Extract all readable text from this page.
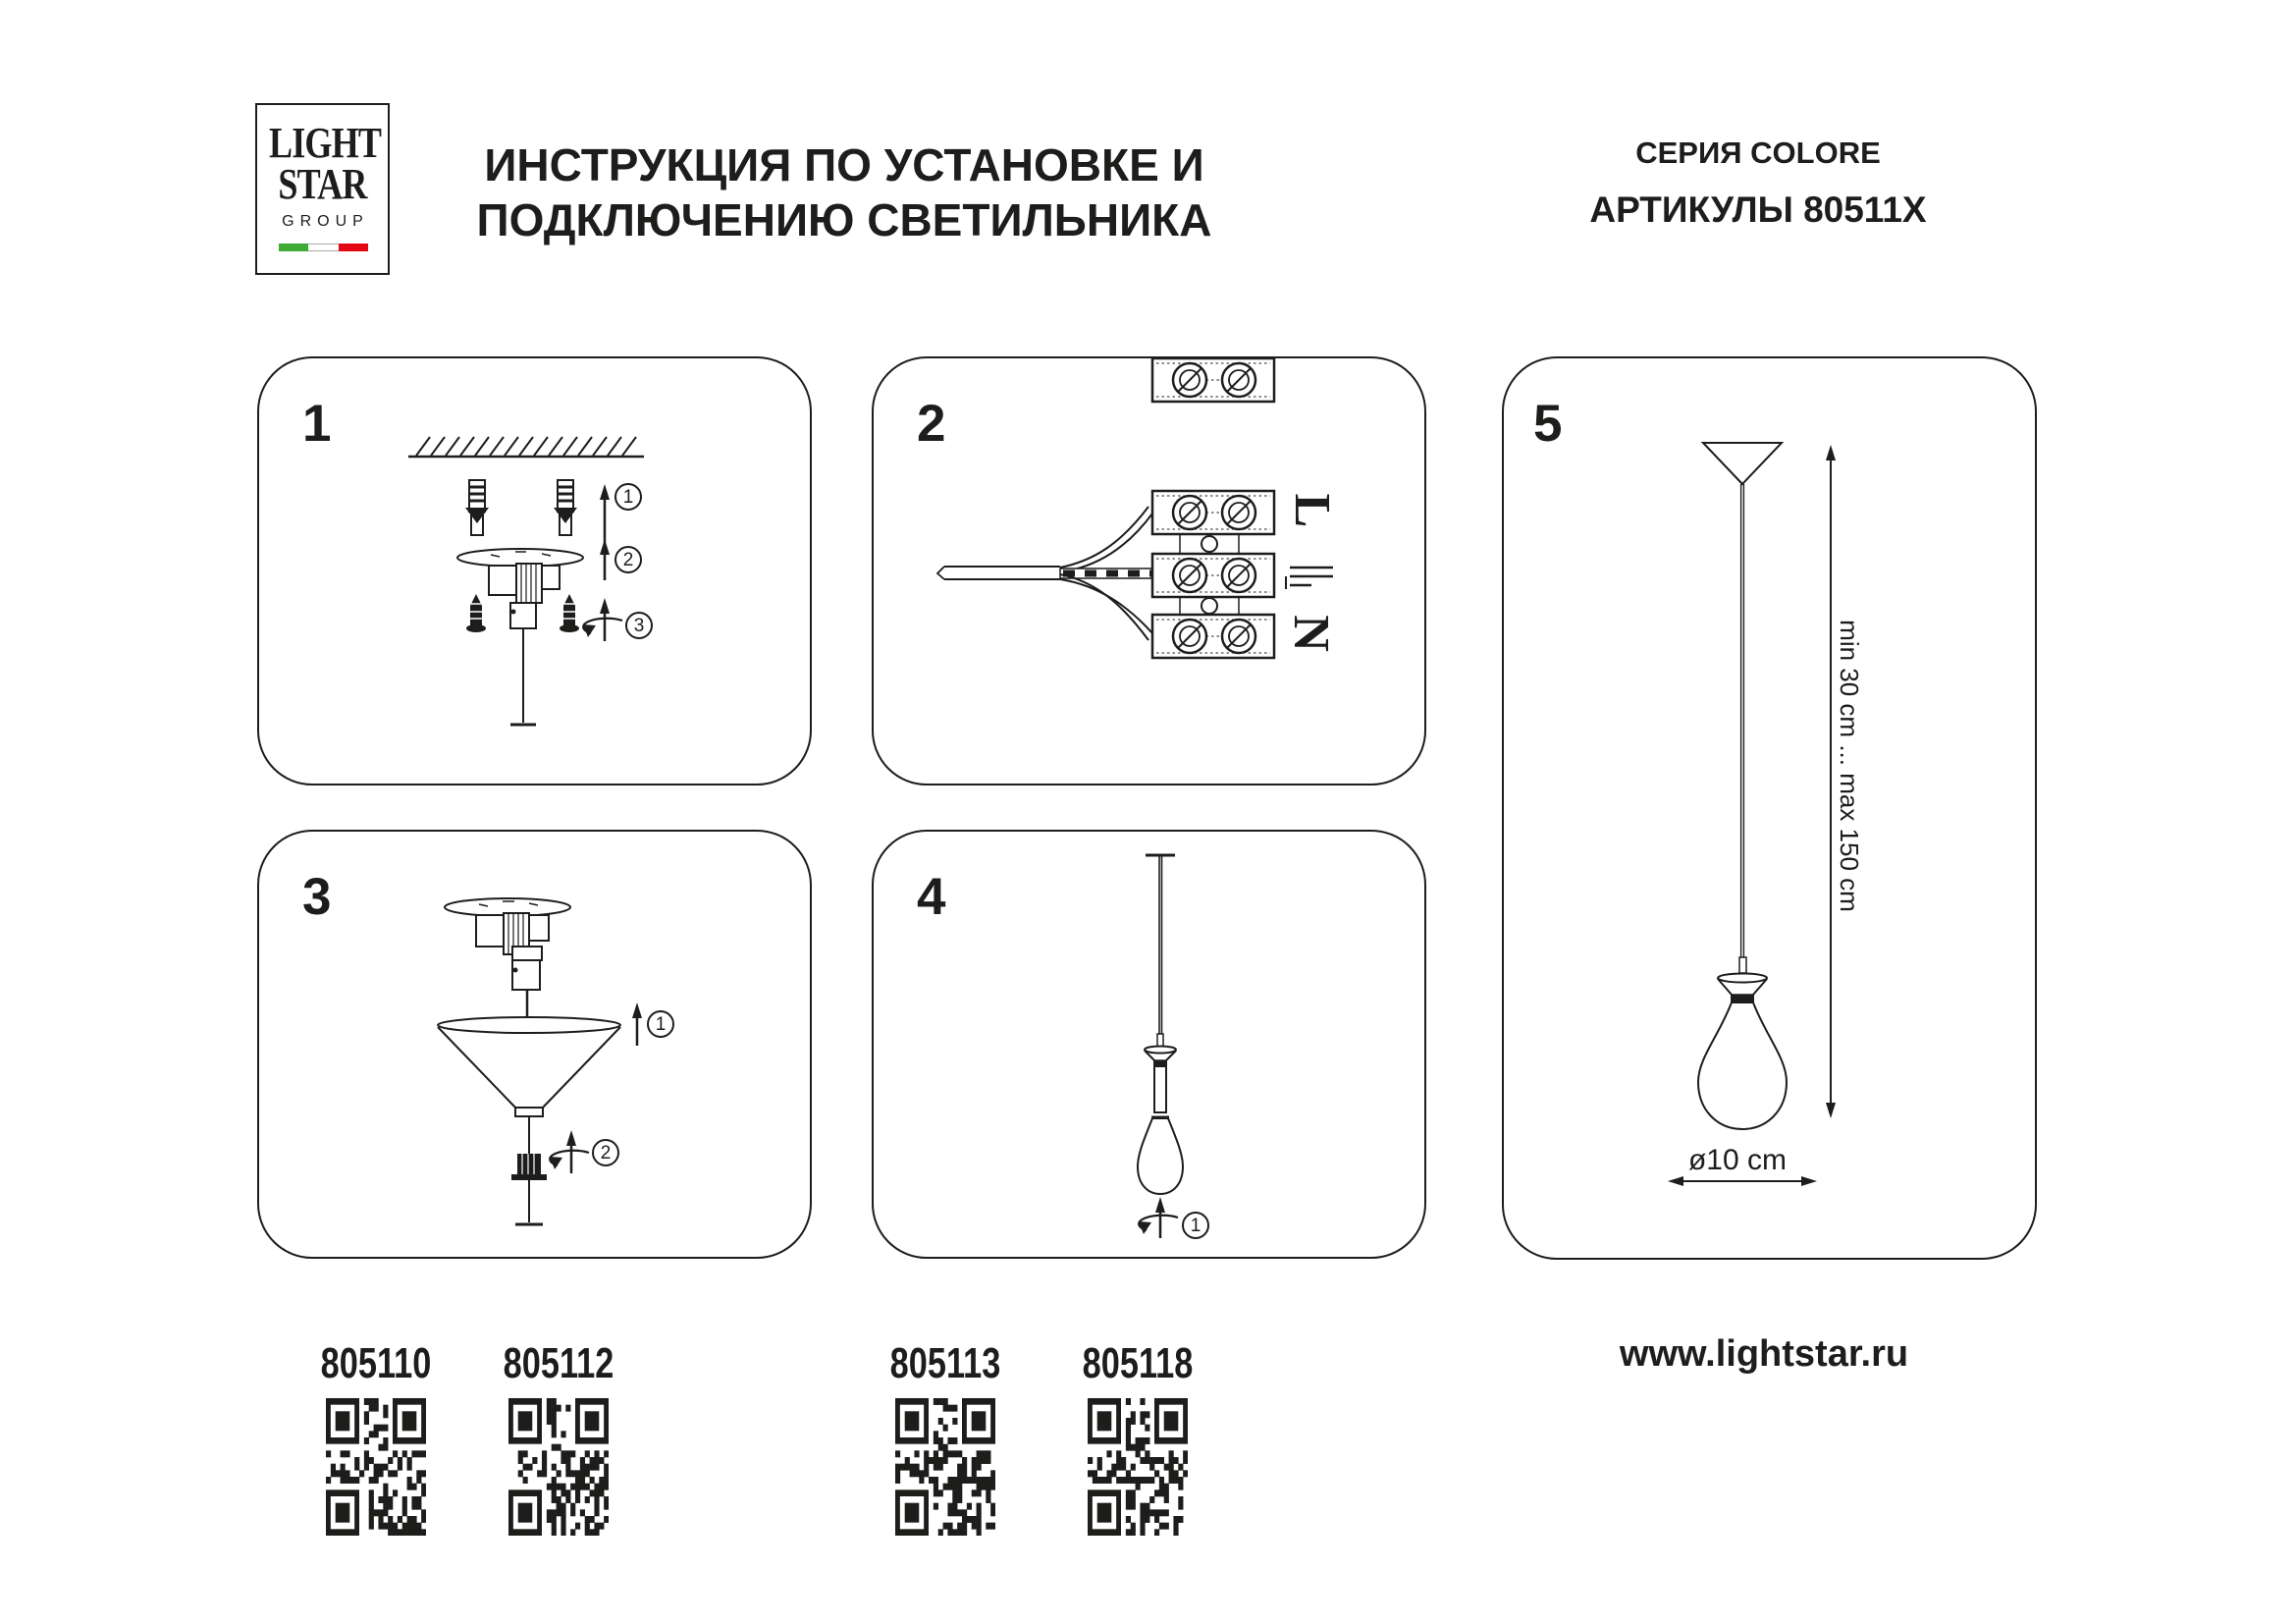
LIGHT
STAR
GROUP
ИНСТРУКЦИЯ ПО УСТАНОВКЕ И
ПОДКЛЮЧЕНИЮ СВЕТИЛЬНИКА
СЕРИЯ COLORE
АРТИКУЛЫ 80511X
1	2
3	4
5
1
2
3
1
2
1
L
N	min 30 cm ... max 150 cm
ø10 cm
805110 805112	805113 805118	www.lightstar.ru
